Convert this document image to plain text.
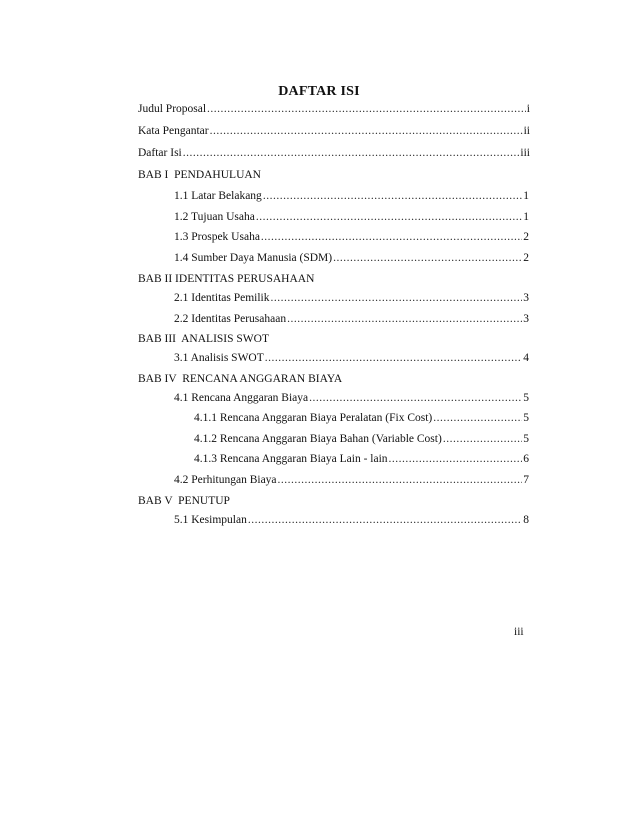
DAFTAR ISI
Judul Proposal .....	i
Kata Pengantar .....	ii
Daftar Isi .....	iii
BAB I  PENDAHULUAN
1.1 Latar Belakang .....	1
1.2 Tujuan Usaha .....	1
1.3 Prospek Usaha .....	2
1.4 Sumber Daya Manusia (SDM) .....	2
BAB II IDENTITAS PERUSAHAAN
2.1 Identitas Pemilik .....	3
2.2 Identitas Perusahaan .....	3
BAB III  ANALISIS SWOT
3.1 Analisis SWOT .....	4
BAB IV  RENCANA ANGGARAN BIAYA
4.1 Rencana Anggaran Biaya .....	5
4.1.1 Rencana Anggaran Biaya Peralatan (Fix Cost) .....	5
4.1.2 Rencana Anggaran Biaya Bahan (Variable Cost) .....	5
4.1.3 Rencana Anggaran Biaya Lain - lain .....	6
4.2 Perhitungan Biaya .....	7
BAB V  PENUTUP
5.1 Kesimpulan .....	8
iii
